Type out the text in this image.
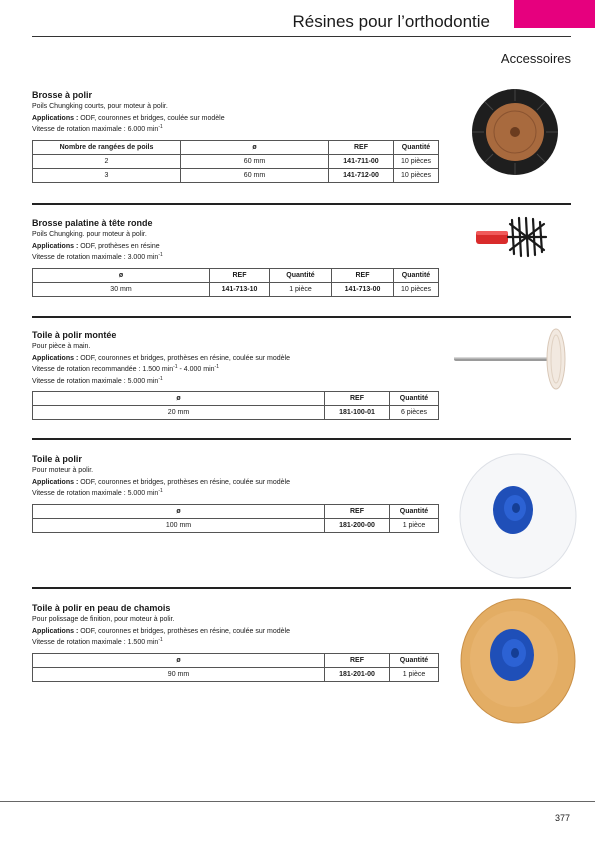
Résines pour l’orthodontie
Accessoires
Brosse à polir
Poils Chungking courts, pour moteur à polir.
Applications : ODF, couronnes et bridges, coulée sur modèle
Vitesse de rotation maximale : 6.000 $\min^{-1}$
Nombre de rangées de poils	ø	REF	Quantité
2	60 mm	141-711-00	10 pièces
3	60 mm	141-712-00	10 pièces
Brosse palatine à tête ronde
Poils Chungking. pour moteur à polir.
Applications : ODF, prothèses en résine
Vitesse de rotation maximale : 3.000 $\min^{-1}$
ø	REF	Quantité	REF	Quantité
30 mm	141-713-10	1 pièce	141-713-00	10 pièces
Toile à polir montée
Pour pièce à main.
Applications : ODF, couronnes et bridges, prothèses en résine, coulée sur modèle
Vitesse de rotation recommandée : 1.500 $\min^{-1} - 4.000$ $\min^{-1}$
Vitesse de rotation maximale : 5.000 $\min^{-1}$
ø	REF	Quantité
20 mm	181-100-01	6 pièces
Toile à polir
Pour moteur à polir.
Applications : ODF, couronnes et bridges, prothèses en résine, coulée sur modèle
Vitesse de rotation maximale : 5.000 $\min^{-1}$
ø	REF	Quantité
100 mm	181-200-00	1 pièce
Toile à polir en peau de chamois
Pour polissage de finition, pour moteur à polir.
Applications : ODF, couronnes et bridges, prothèses en résine, coulée sur modèle
Vitesse de rotation maximale : 1.500 $\min^{-1}$
ø	REF	Quantité
90 mm	181-201-00	1 pièce
377
